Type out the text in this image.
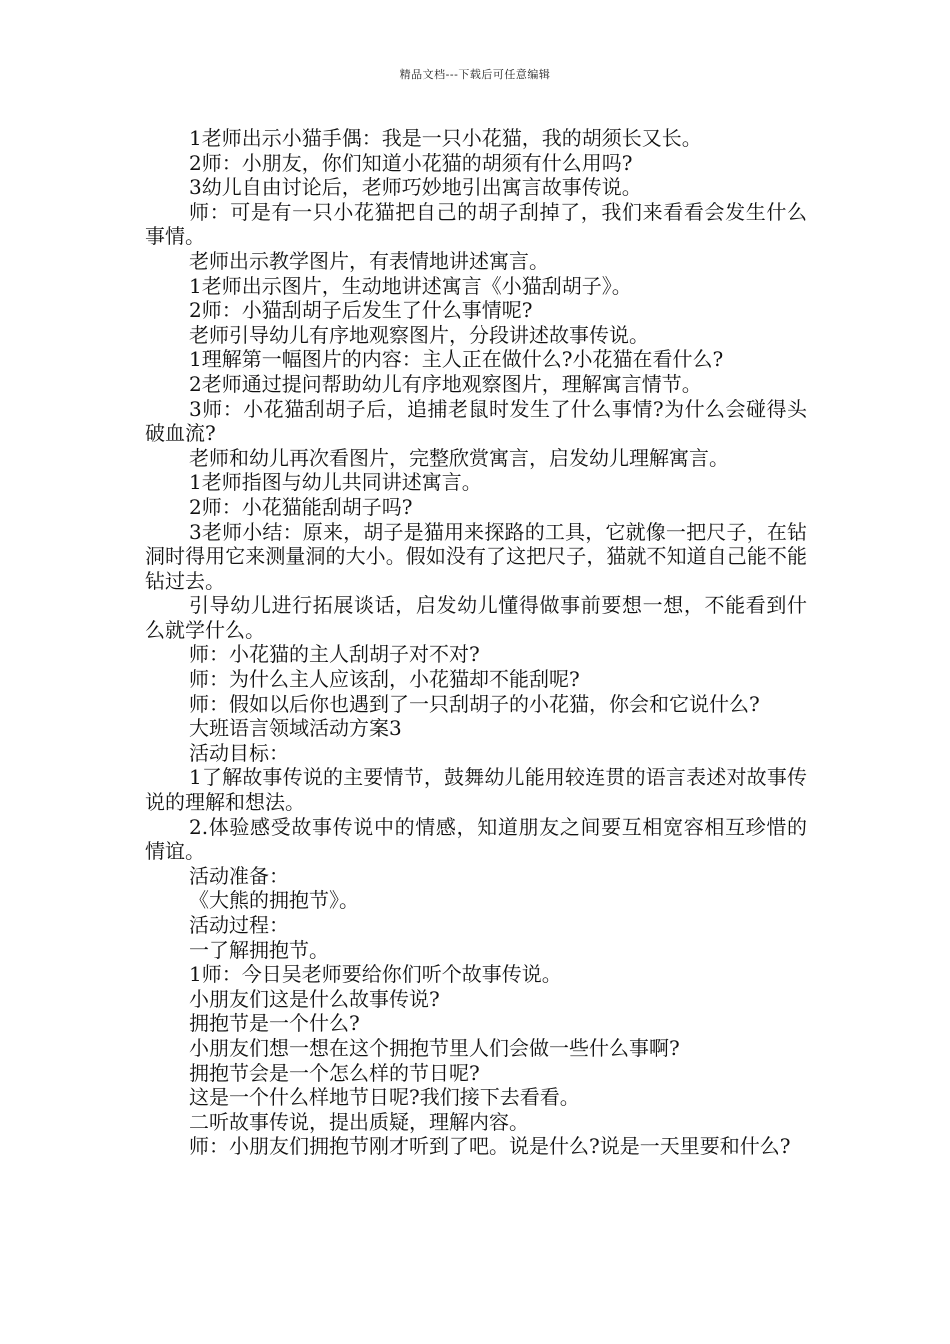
精品文档---下载后可任意编辑

1老师出示小猫手偶：我是一只小花猫，我的胡须长又长。

2师：小朋友，你们知道小花猫的胡须有什么用吗?

3幼儿自由讨论后，老师巧妙地引出寓言故事传说。

师：可是有一只小花猫把自己的胡子刮掉了，我们来看看会发生什么事情。

老师出示教学图片，有表情地讲述寓言。

1老师出示图片，生动地讲述寓言《小猫刮胡子》。

2师：小猫刮胡子后发生了什么事情呢?

老师引导幼儿有序地观察图片，分段讲述故事传说。

1理解第一幅图片的内容：主人正在做什么?小花猫在看什么?

2老师通过提问帮助幼儿有序地观察图片，理解寓言情节。

3师：小花猫刮胡子后，追捕老鼠时发生了什么事情?为什么会碰得头破血流?

老师和幼儿再次看图片，完整欣赏寓言，启发幼儿理解寓言。

1老师指图与幼儿共同讲述寓言。

2师：小花猫能刮胡子吗?

3老师小结：原来，胡子是猫用来探路的工具，它就像一把尺子，在钻洞时得用它来测量洞的大小。假如没有了这把尺子，猫就不知道自己能不能钻过去。

引导幼儿进行拓展谈话，启发幼儿懂得做事前要想一想，不能看到什么就学什么。

师：小花猫的主人刮胡子对不对?

师：为什么主人应该刮，小花猫却不能刮呢?

师：假如以后你也遇到了一只刮胡子的小花猫，你会和它说什么?

大班语言领域活动方案3

活动目标：

1了解故事传说的主要情节，鼓舞幼儿能用较连贯的语言表述对故事传说的理解和想法。

2.体验感受故事传说中的情感，知道朋友之间要互相宽容相互珍惜的情谊。

活动准备：

《大熊的拥抱节》。

活动过程：

一了解拥抱节。

1师：今日吴老师要给你们听个故事传说。

小朋友们这是什么故事传说?

拥抱节是一个什么?

小朋友们想一想在这个拥抱节里人们会做一些什么事啊?

拥抱节会是一个怎么样的节日呢?

这是一个什么样地节日呢?我们接下去看看。

二听故事传说，提出质疑，理解内容。

师：小朋友们拥抱节刚才听到了吧。说是什么?说是一天里要和什么?
